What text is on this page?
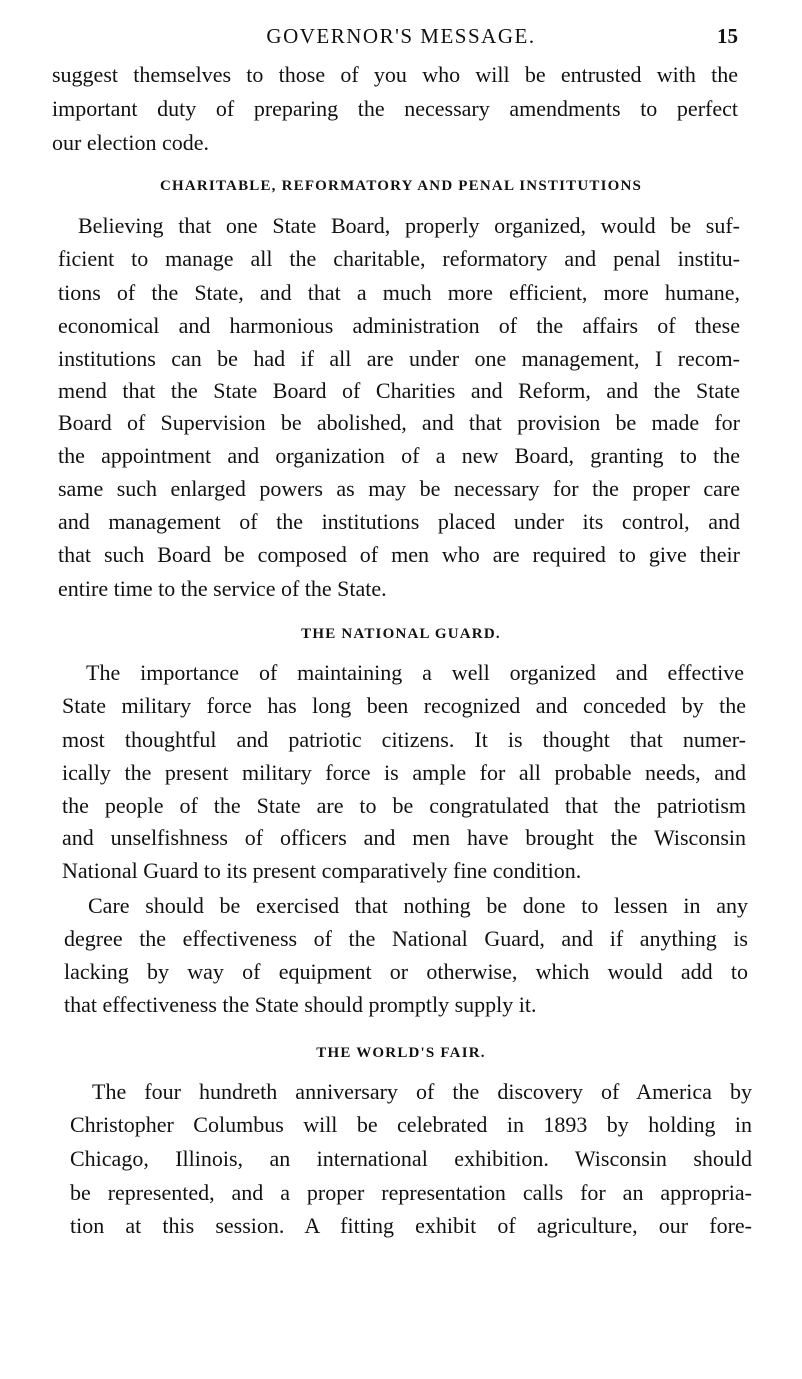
GOVERNOR'S MESSAGE.	15
suggest themselves to those of you who will be entrusted with the
important duty of preparing the necessary amendments to perfect
our election code.
CHARITABLE, REFORMATORY AND PENAL INSTITUTIONS
Believing that one State Board, properly organized, would be suf-
ficient to manage all the charitable, reformatory and penal institu-
tions of the State, and that a much more efficient, more humane,
economical and harmonious administration of the affairs of these
institutions can be had if all are under one management, I recom-
mend that the State Board of Charities and Reform, and the State
Board of Supervision be abolished, and that provision be made for
the appointment and organization of a new Board, granting to the
same such enlarged powers as may be necessary for the proper care
and management of the institutions placed under its control, and
that such Board be composed of men who are required to give their
entire time to the service of the State.
THE NATIONAL GUARD.
The importance of maintaining a well organized and effective
State military force has long been recognized and conceded by the
most thoughtful and patriotic citizens. It is thought that numer-
ically the present military force is ample for all probable needs, and
the people of the State are to be congratulated that the patriotism
and unselfishness of officers and men have brought the Wisconsin
National Guard to its present comparatively fine condition.
Care should be exercised that nothing be done to lessen in any
degree the effectiveness of the National Guard, and if anything is
lacking by way of equipment or otherwise, which would add to
that effectiveness the State should promptly supply it.
THE WORLD'S FAIR.
The four hundreth anniversary of the discovery of America by
Christopher Columbus will be celebrated in 1893 by holding in
Chicago, Illinois, an international exhibition. Wisconsin should
be represented, and a proper representation calls for an appropria-
tion at this session. A fitting exhibit of agriculture, our fore-
